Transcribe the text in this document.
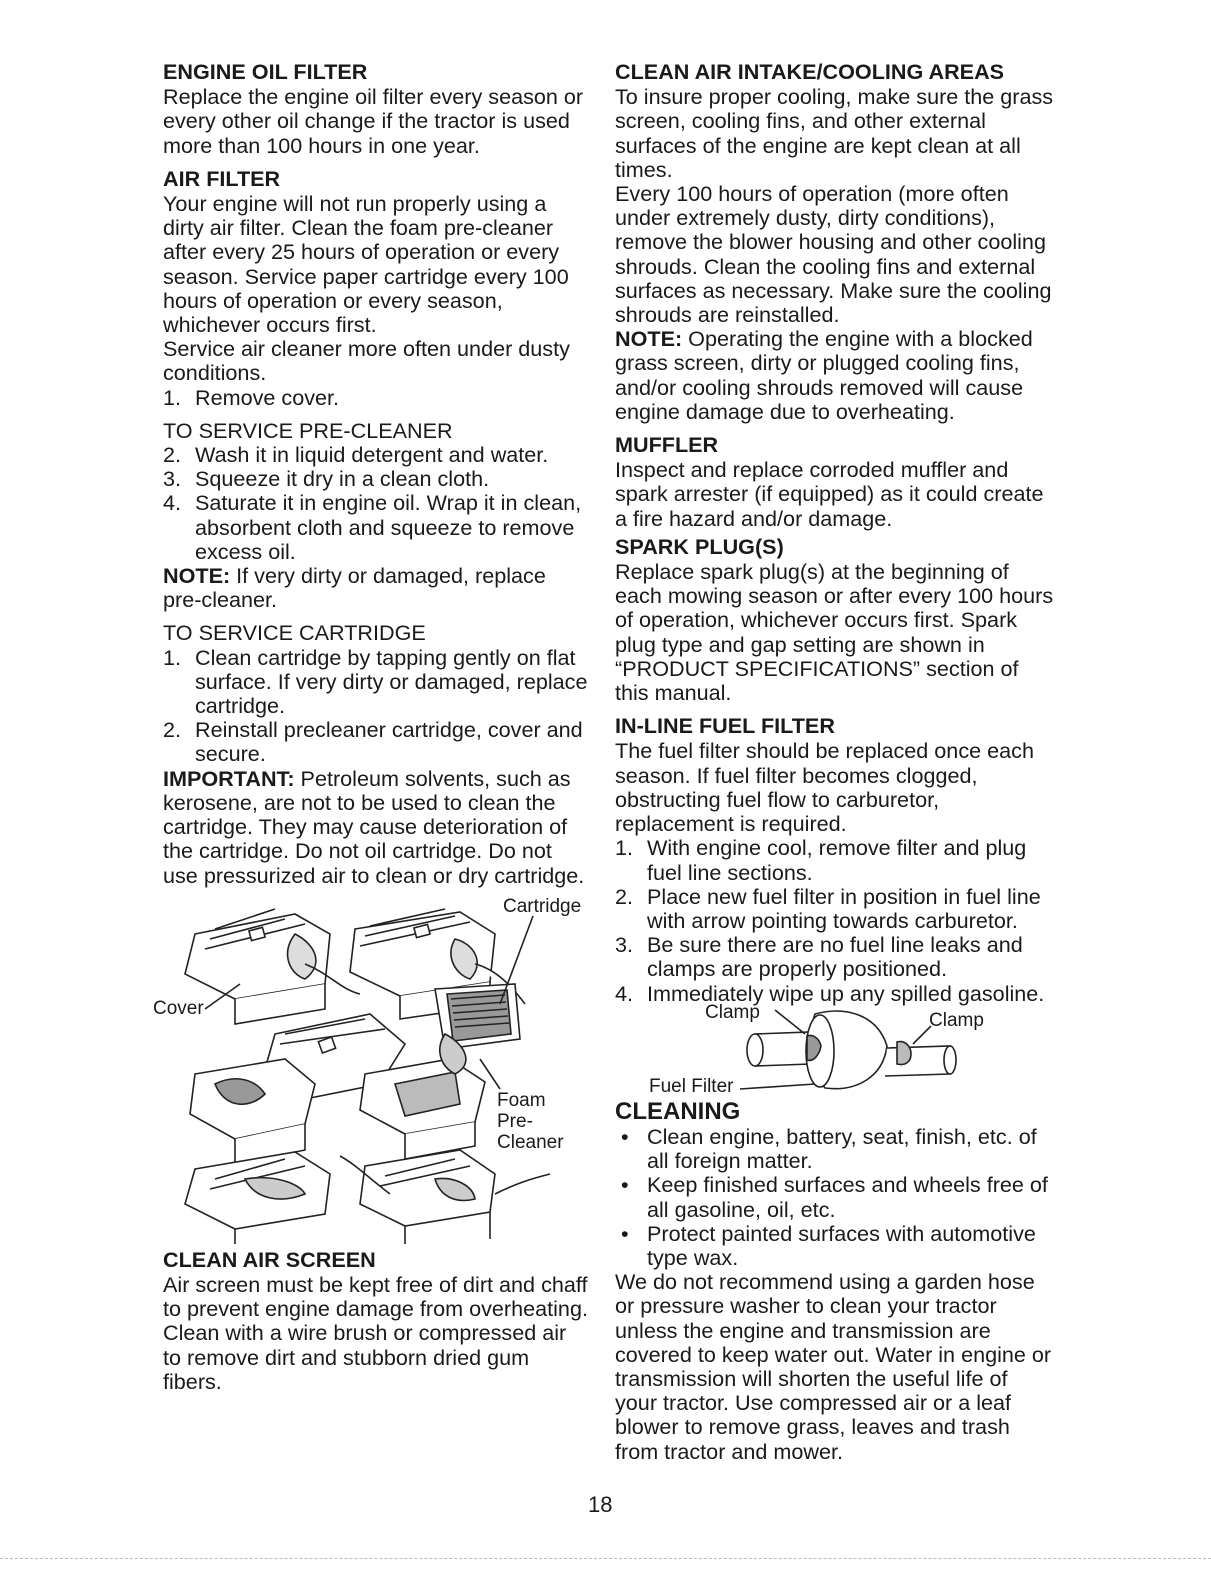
ENGINE OIL FILTER

Replace the engine oil filter every season or every other oil change if the tractor is used more than 100 hours in one year.

AIR FILTER

Your engine will not run properly using a dirty air filter. Clean the foam pre-cleaner after every 25 hours of operation or every season. Service paper cartridge every 100 hours of operation or every season, whichever occurs first.

Service air cleaner more often under dusty conditions.

1. Remove cover.

TO SERVICE PRE-CLEANER

2. Wash it in liquid detergent and water.
3. Squeeze it dry in a clean cloth.
4. Saturate it in engine oil. Wrap it in clean, absorbent cloth and squeeze to remove excess oil.

NOTE: If very dirty or damaged, replace pre-cleaner.

TO SERVICE CARTRIDGE

1. Clean cartridge by tapping gently on flat surface. If very dirty or damaged, replace cartridge.
2. Reinstall precleaner cartridge, cover and secure.

IMPORTANT: Petroleum solvents, such as kerosene, are not to be used to clean the cartridge. They may cause deterioration of the cartridge. Do not oil cartridge. Do not use pressurized air to clean or dry cartridge.

Cartridge
Cover
Foam
Pre-
Cleaner
CLEAN AIR SCREEN

Air screen must be kept free of dirt and chaff to prevent engine damage from overheating. Clean with a wire brush or compressed air to remove dirt and stubborn dried gum fibers.

CLEAN AIR INTAKE/COOLING AREAS

To insure proper cooling, make sure the grass screen, cooling fins, and other external surfaces of the engine are kept clean at all times.

Every 100 hours of operation (more often under extremely dusty, dirty conditions), remove the blower housing and other cooling shrouds. Clean the cooling fins and external surfaces as necessary. Make sure the cooling shrouds are reinstalled.

NOTE: Operating the engine with a blocked grass screen, dirty or plugged cooling fins, and/or cooling shrouds removed will cause engine damage due to overheating.

MUFFLER

Inspect and replace corroded muffler and spark arrester (if equipped) as it could create a fire hazard and/or damage.

SPARK PLUG(S)

Replace spark plug(s) at the beginning of each mowing season or after every 100 hours of operation, whichever occurs first. Spark plug type and gap setting are shown in “PRODUCT SPECIFICATIONS” section of this manual.

IN-LINE FUEL FILTER

The fuel filter should be replaced once each season. If fuel filter becomes clogged, obstructing fuel flow to carburetor, replacement is required.

1. With engine cool, remove filter and plug fuel line sections.
2. Place new fuel filter in position in fuel line with arrow pointing towards carburetor.
3. Be sure there are no fuel line leaks and clamps are properly positioned.
4. Immediately wipe up any spilled gasoline.
Clamp	Clamp
Fuel Filter
CLEANING
• Clean engine, battery, seat, finish, etc. of all foreign matter.
• Keep finished surfaces and wheels free of all gasoline, oil, etc.
• Protect painted surfaces with automotive type wax.

We do not recommend using a garden hose or pressure washer to clean your tractor unless the engine and transmission are covered to keep water out. Water in engine or transmission will shorten the useful life of your tractor. Use compressed air or a leaf blower to remove grass, leaves and trash from tractor and mower.

18
